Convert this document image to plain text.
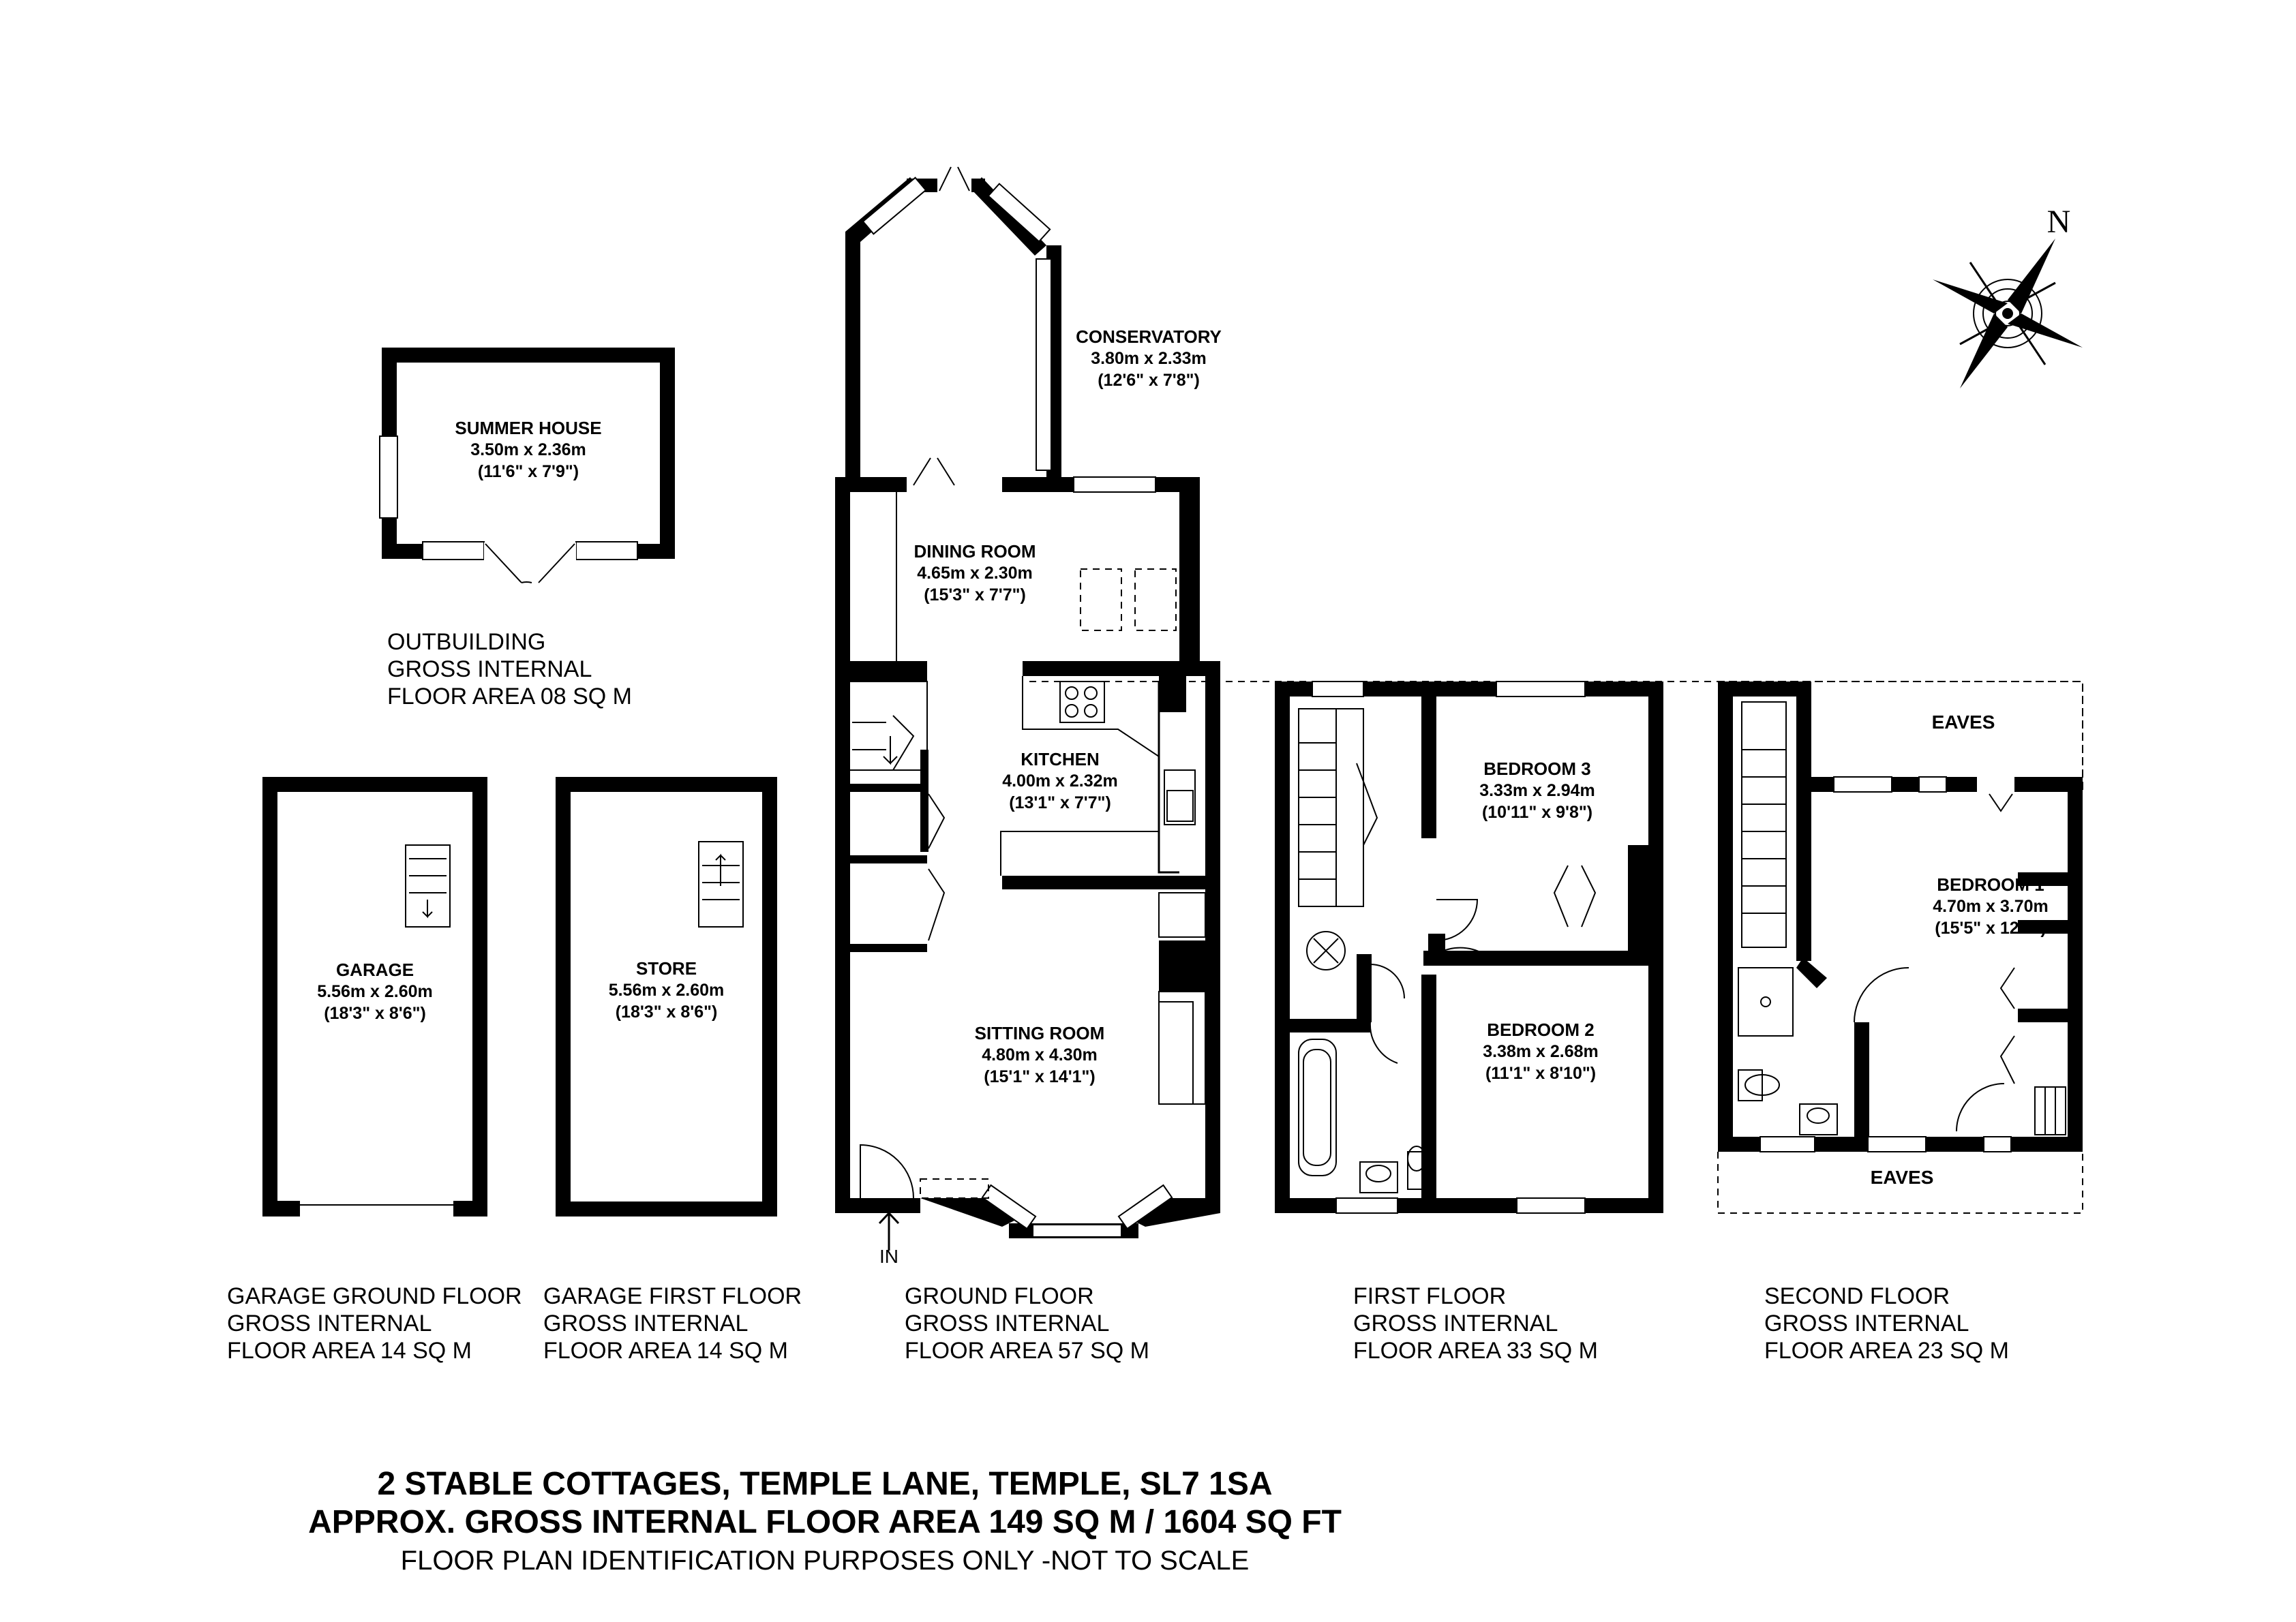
SUMMER HOUSE
3.50m x 2.36m
(11'6" x 7'9")
CONSERVATORY
3.80m x 2.33m
(12'6" x 7'8")
DINING ROOM
4.65m x 2.30m
(15'3" x 7'7")
KITCHEN
4.00m x 2.32m
(13'1" x 7'7")
SITTING ROOM
4.80m x 4.30m
(15'1" x 14'1")
GARAGE
5.56m x 2.60m
(18'3" x 8'6")
STORE
5.56m x 2.60m
(18'3" x 8'6")
BEDROOM 3
3.33m x 2.94m
(10'11" x 9'8")
BEDROOM 2
3.38m x 2.68m
(11'1" x 8'10")
BEDROOM 1
4.70m x 3.70m
(15'5" x 12'2")
EAVES
EAVES
IN
N
OUTBUILDING
GROSS INTERNAL
FLOOR AREA 08 SQ M
GARAGE GROUND FLOOR
GROSS INTERNAL
FLOOR AREA 14 SQ M
GARAGE FIRST FLOOR
GROSS INTERNAL
FLOOR AREA 14 SQ M
GROUND FLOOR
GROSS INTERNAL
FLOOR AREA 57 SQ M
FIRST FLOOR
GROSS INTERNAL
FLOOR AREA 33 SQ M
SECOND FLOOR
GROSS INTERNAL
FLOOR AREA 23 SQ M
2 STABLE COTTAGES, TEMPLE LANE, TEMPLE, SL7 1SA
APPROX. GROSS INTERNAL FLOOR AREA 149 SQ M / 1604 SQ FT
FLOOR PLAN IDENTIFICATION PURPOSES ONLY -NOT TO SCALE
